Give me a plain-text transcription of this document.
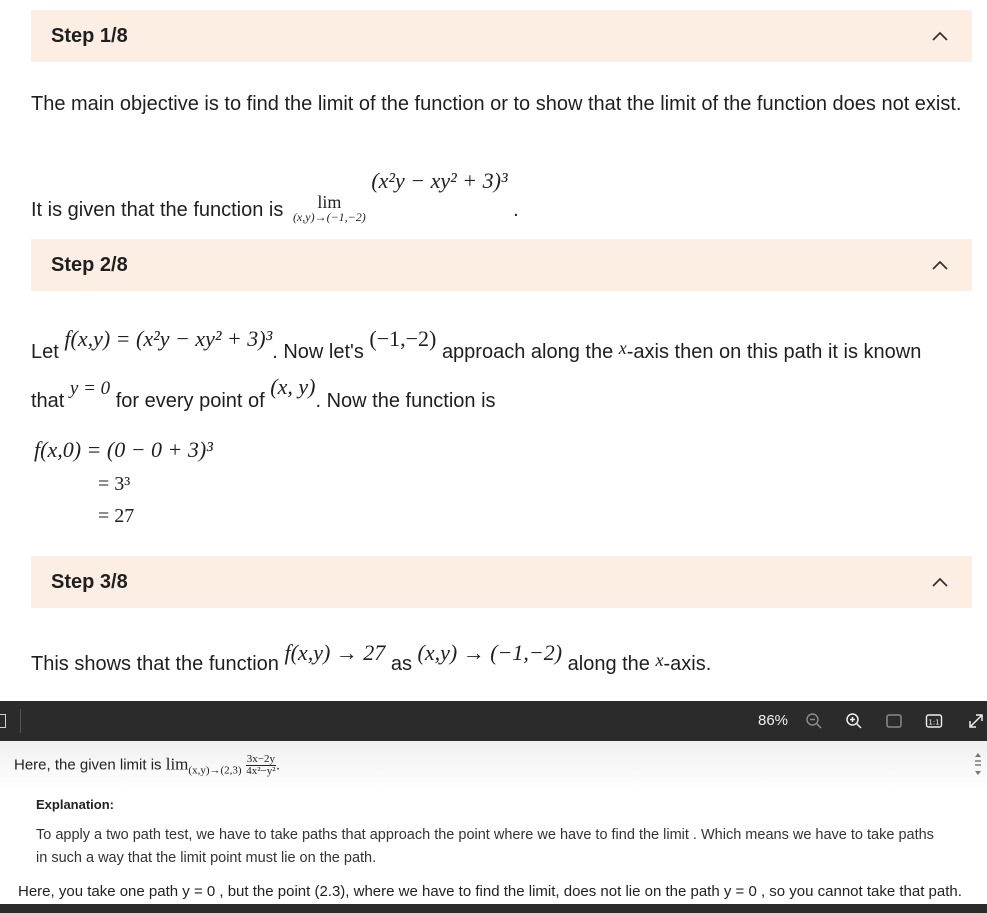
Step 1/8
The main objective is to find the limit of the function or to show that the limit of the function does not exist.
It is given that the function is	lim
(x,y)→(−1,−2)
(x²y − xy² + 3)³ .
Step 2/8
Let f(x,y) = (x²y − xy² + 3)³. Now let's (−1,−2) approach along the x-axis then on this path it is known
that y = 0 for every point of (x, y). Now the function is
f(x,0) = (0 − 0 + 3)³
= 3³
= 27
Step 3/8
This shows that the function f(x,y) → 27 as (x,y) → (−1,−2) along the x-axis.
86%	1:1
Here, the given limit is $\lim_{(x,y)\to(2,3)} \frac{3x-2y}{\text{4x²−y²}}$ .
Explanation:
To apply a two path test, we have to take paths that approach the point where we have to find the limit . Which means we have to take paths in such a way that the limit point must lie on the path.
Here, you take one path y = 0 , but the point (2.3), where we have to find the limit, does not lie on the path y = 0 , so you cannot take that path.
